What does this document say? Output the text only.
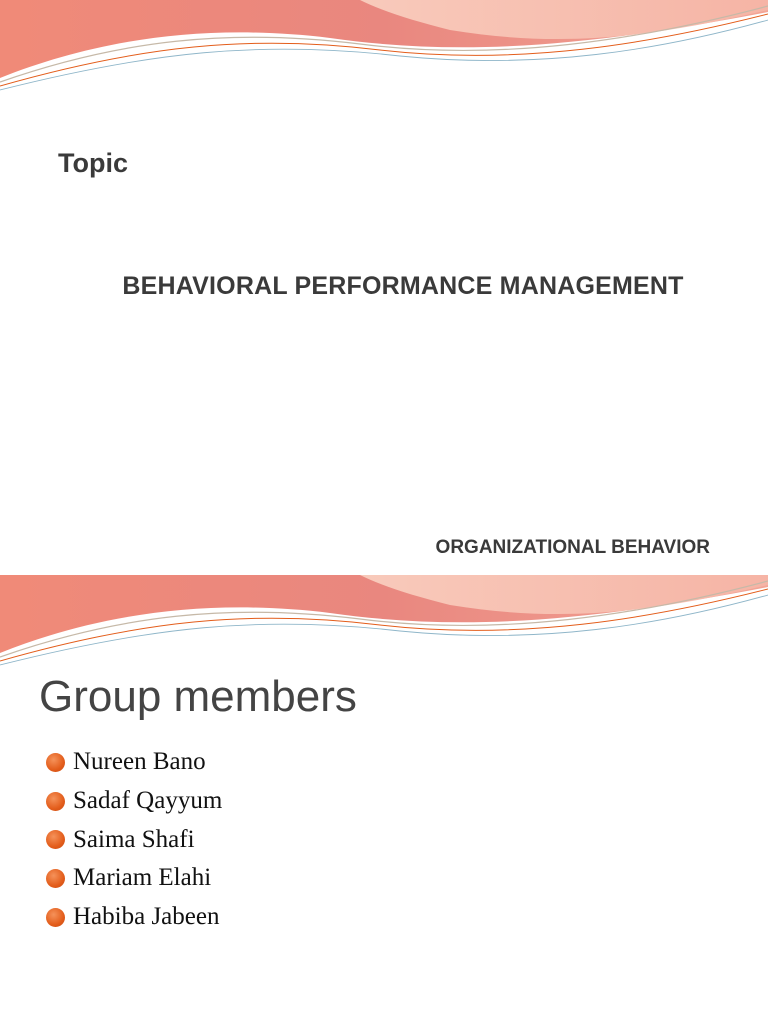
Topic
BEHAVIORAL PERFORMANCE MANAGEMENT
ORGANIZATIONAL BEHAVIOR
Group members
Nureen Bano
Sadaf Qayyum
Saima Shafi
Mariam Elahi
Habiba Jabeen
